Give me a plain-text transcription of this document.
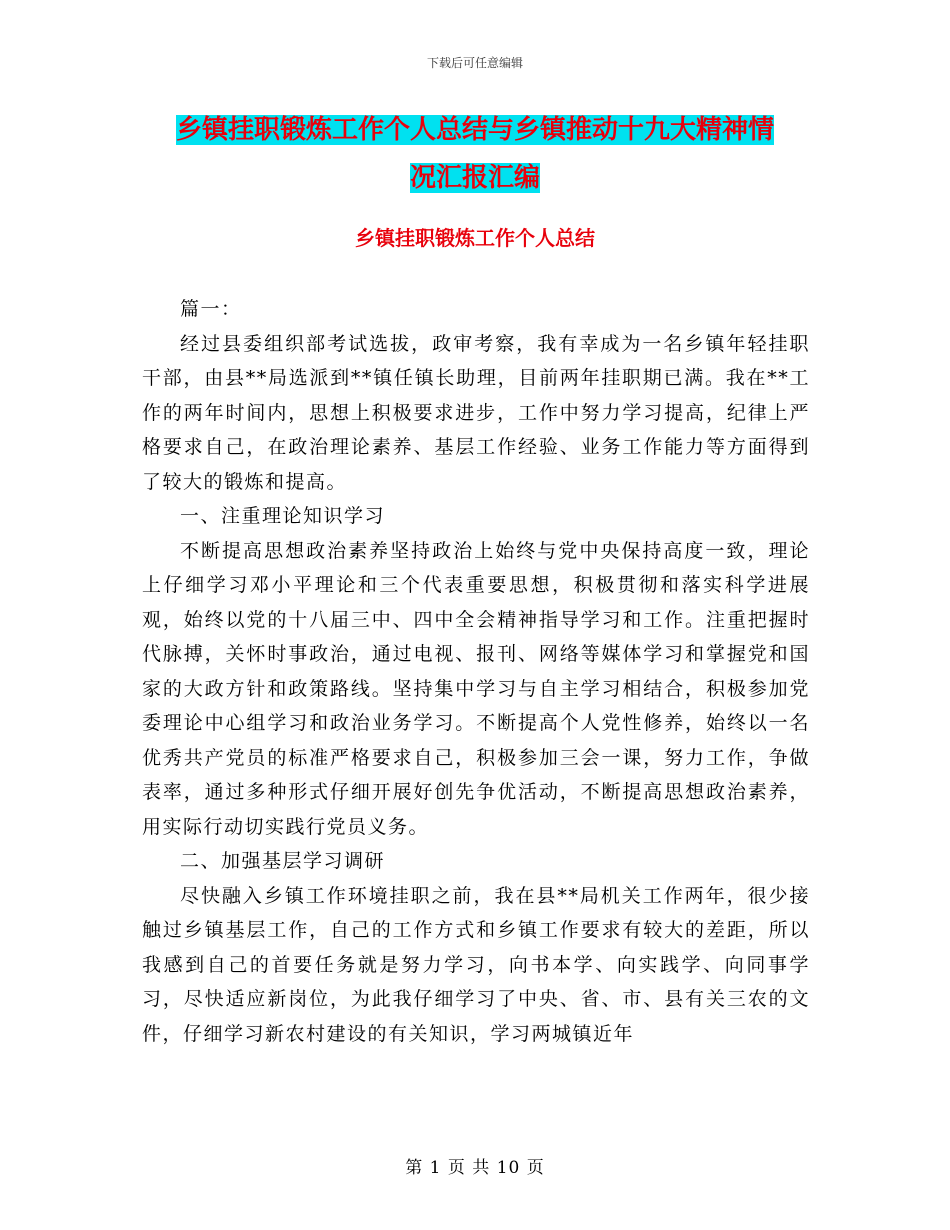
下载后可任意编辑
乡镇挂职锻炼工作个人总结与乡镇推动十九大精神情
况汇报汇编
乡镇挂职锻炼工作个人总结

篇一：

经过县委组织部考试选拔，政审考察，我有幸成为一名乡镇年轻挂职干部，由县**局选派到**镇任镇长助理，目前两年挂职期已满。我在**工作的两年时间内，思想上积极要求进步，工作中努力学习提高，纪律上严格要求自己，在政治理论素养、基层工作经验、业务工作能力等方面得到了较大的锻炼和提高。

一、注重理论知识学习

不断提高思想政治素养坚持政治上始终与党中央保持高度一致，理论上仔细学习邓小平理论和三个代表重要思想，积极贯彻和落实科学进展观，始终以党的十八届三中、四中全会精神指导学习和工作。注重把握时代脉搏，关怀时事政治，通过电视、报刊、网络等媒体学习和掌握党和国家的大政方针和政策路线。坚持集中学习与自主学习相结合，积极参加党委理论中心组学习和政治业务学习。不断提高个人党性修养，始终以一名优秀共产党员的标准严格要求自己，积极参加三会一课，努力工作，争做表率，通过多种形式仔细开展好创先争优活动，不断提高思想政治素养，用实际行动切实践行党员义务。

二、加强基层学习调研

尽快融入乡镇工作环境挂职之前，我在县**局机关工作两年，很少接触过乡镇基层工作，自己的工作方式和乡镇工作要求有较大的差距，所以我感到自己的首要任务就是努力学习，向书本学、向实践学、向同事学习，尽快适应新岗位，为此我仔细学习了中央、省、市、县有关三农的文件，仔细学习新农村建设的有关知识，学习两城镇近年

第 1 页 共 10 页
